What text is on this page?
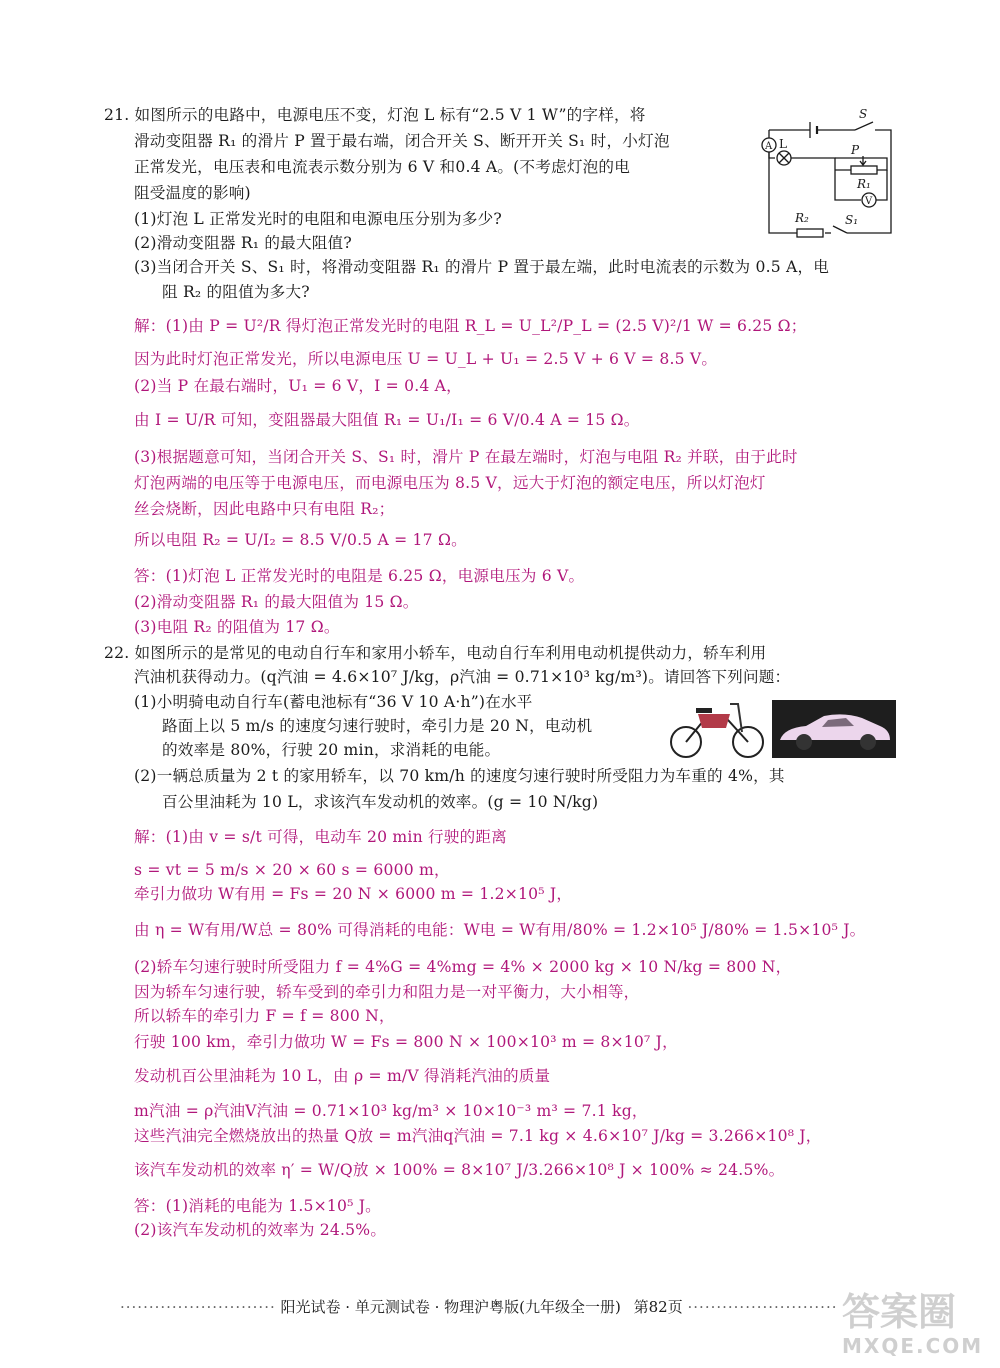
21. 如图所示的电路中，电源电压不变，灯泡 L 标有“2.5 V 1 W”的字样，将
滑动变阻器 R₁ 的滑片 P 置于最右端，闭合开关 S、断开开关 S₁ 时，小灯泡
正常发光，电压表和电流表示数分别为 6 V 和0.4 A。(不考虑灯泡的电
阻受温度的影响)
(1)灯泡 L 正常发光时的电阻和电源电压分别为多少?
(2)滑动变阻器 R₁ 的最大阻值?
(3)当闭合开关 S、S₁ 时，将滑动变阻器 R₁ 的滑片 P 置于最左端，此时电流表的示数为 0.5 A，电
阻 R₂ 的阻值为多大?
S
A L	P
R₁
V
R₂	S₁
解：(1)由 P = U²/R 得灯泡正常发光时的电阻 R_L = U_L²/P_L = (2.5 V)²/1 W = 6.25 Ω；
因为此时灯泡正常发光，所以电源电压 U = U_L + U₁ = 2.5 V + 6 V = 8.5 V。
(2)当 P 在最右端时，U₁ = 6 V，I = 0.4 A，
由 I = U/R 可知，变阻器最大阻值 R₁ = U₁/I₁ = 6 V/0.4 A = 15 Ω。
(3)根据题意可知，当闭合开关 S、S₁ 时，滑片 P 在最左端时，灯泡与电阻 R₂ 并联，由于此时
灯泡两端的电压等于电源电压，而电源电压为 8.5 V，远大于灯泡的额定电压，所以灯泡灯
丝会烧断，因此电路中只有电阻 R₂；
所以电阻 R₂ = U/I₂ = 8.5 V/0.5 A = 17 Ω。
答：(1)灯泡 L 正常发光时的电阻是 6.25 Ω，电源电压为 6 V。
(2)滑动变阻器 R₁ 的最大阻值为 15 Ω。
(3)电阻 R₂ 的阻值为 17 Ω。
22. 如图所示的是常见的电动自行车和家用小轿车，电动自行车利用电动机提供动力，轿车利用
汽油机获得动力。(q汽油 = 4.6×10⁷ J/kg，ρ汽油 = 0.71×10³ kg/m³)。请回答下列问题：
(1)小明骑电动自行车(蓄电池标有“36 V 10 A·h”)在水平
路面上以 5 m/s 的速度匀速行驶时，牵引力是 20 N，电动机
的效率是 80%，行驶 20 min，求消耗的电能。
(2)一辆总质量为 2 t 的家用轿车，以 70 km/h 的速度匀速行驶时所受阻力为车重的 4%，其
百公里油耗为 10 L，求该汽车发动机的效率。(g = 10 N/kg)
解：(1)由 v = s/t 可得，电动车 20 min 行驶的距离
s = vt = 5 m/s × 20 × 60 s = 6000 m，
牵引力做功 W有用 = Fs = 20 N × 6000 m = 1.2×10⁵ J，
由 η = W有用/W总 = 80% 可得消耗的电能：W电 = W有用/80% = 1.2×10⁵ J/80% = 1.5×10⁵ J。
(2)轿车匀速行驶时所受阻力 f = 4%G = 4%mg = 4% × 2000 kg × 10 N/kg = 800 N，
因为轿车匀速行驶，轿车受到的牵引力和阻力是一对平衡力，大小相等，
所以轿车的牵引力 F = f = 800 N，
行驶 100 km，牵引力做功 W = Fs = 800 N × 100×10³ m = 8×10⁷ J，
发动机百公里油耗为 10 L，由 ρ = m/V 得消耗汽油的质量
m汽油 = ρ汽油V汽油 = 0.71×10³ kg/m³ × 10×10⁻³ m³ = 7.1 kg，
这些汽油完全燃烧放出的热量 Q放 = m汽油q汽油 = 7.1 kg × 4.6×10⁷ J/kg = 3.266×10⁸ J，
该汽车发动机的效率 η′ = W/Q放 × 100% = 8×10⁷ J/3.266×10⁸ J × 100% ≈ 24.5%。
答：(1)消耗的电能为 1.5×10⁵ J。
(2)该汽车发动机的效率为 24.5%。
··························· 阳光试卷 · 单元测试卷 · 物理沪粤版(九年级全一册) 第82页 ·························· 答案圈
MXQE.COM
